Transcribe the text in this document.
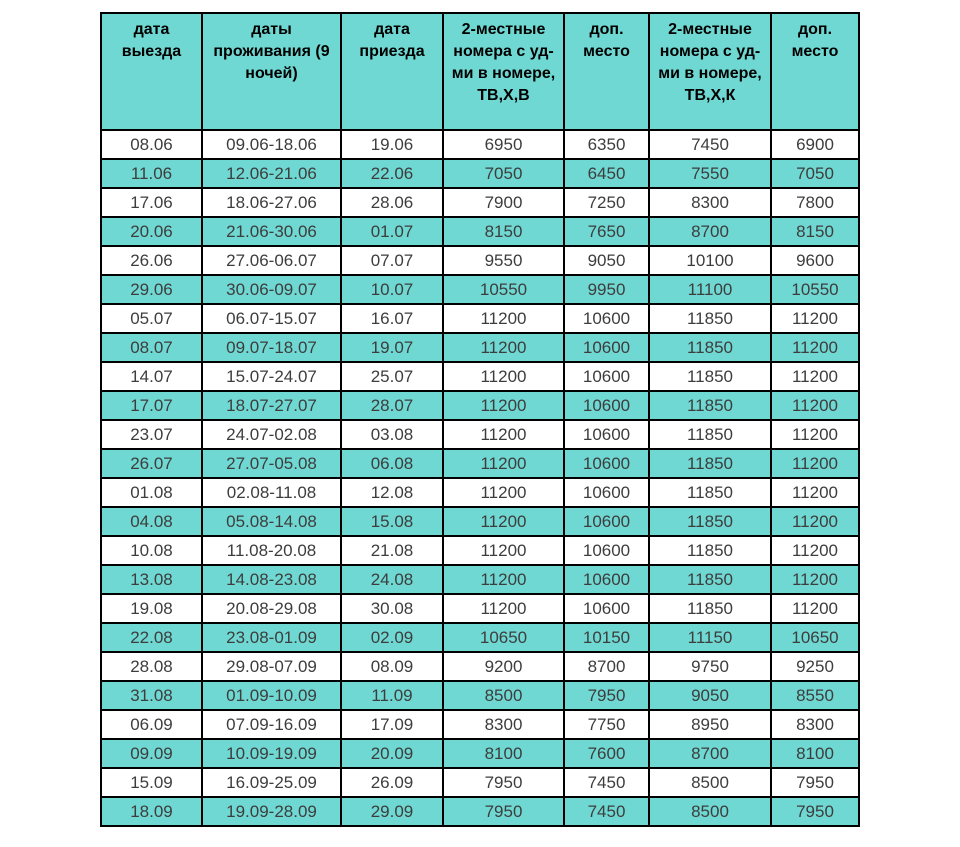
дата выезда	даты проживания (9 ночей)	дата приезда	2-местные номера с уд-ми в номере, ТВ,Х,В	доп. место	2-местные номера с уд-ми в номере, ТВ,Х,К	доп. место
08.06	09.06-18.06	19.06	6950	6350	7450	6900
11.06	12.06-21.06	22.06	7050	6450	7550	7050
17.06	18.06-27.06	28.06	7900	7250	8300	7800
20.06	21.06-30.06	01.07	8150	7650	8700	8150
26.06	27.06-06.07	07.07	9550	9050	10100	9600
29.06	30.06-09.07	10.07	10550	9950	11100	10550
05.07	06.07-15.07	16.07	11200	10600	11850	11200
08.07	09.07-18.07	19.07	11200	10600	11850	11200
14.07	15.07-24.07	25.07	11200	10600	11850	11200
17.07	18.07-27.07	28.07	11200	10600	11850	11200
23.07	24.07-02.08	03.08	11200	10600	11850	11200
26.07	27.07-05.08	06.08	11200	10600	11850	11200
01.08	02.08-11.08	12.08	11200	10600	11850	11200
04.08	05.08-14.08	15.08	11200	10600	11850	11200
10.08	11.08-20.08	21.08	11200	10600	11850	11200
13.08	14.08-23.08	24.08	11200	10600	11850	11200
19.08	20.08-29.08	30.08	11200	10600	11850	11200
22.08	23.08-01.09	02.09	10650	10150	11150	10650
28.08	29.08-07.09	08.09	9200	8700	9750	9250
31.08	01.09-10.09	11.09	8500	7950	9050	8550
06.09	07.09-16.09	17.09	8300	7750	8950	8300
09.09	10.09-19.09	20.09	8100	7600	8700	8100
15.09	16.09-25.09	26.09	7950	7450	8500	7950
18.09	19.09-28.09	29.09	7950	7450	8500	7950
